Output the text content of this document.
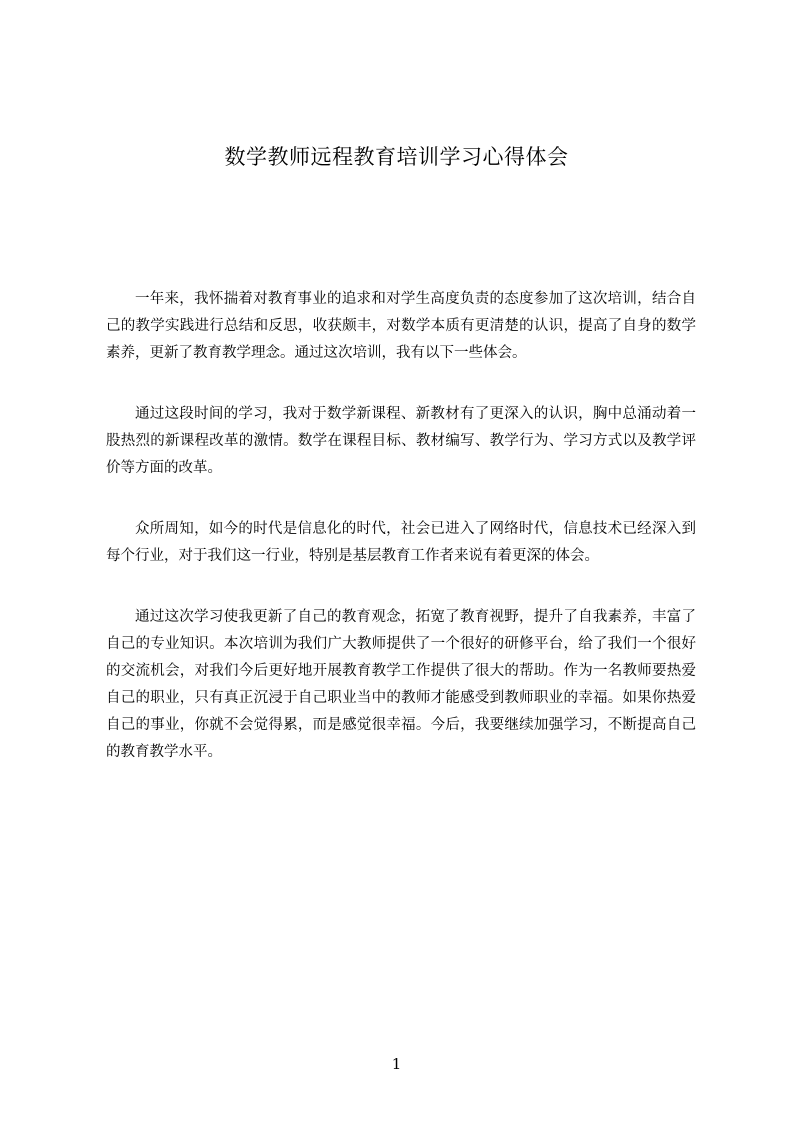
数学教师远程教育培训学习心得体会

一年来，我怀揣着对教育事业的追求和对学生高度负责的态度参加了这次培训，结合自己的教学实践进行总结和反思，收获颇丰，对数学本质有更清楚的认识，提高了自身的数学素养，更新了教育教学理念。通过这次培训，我有以下一些体会。

通过这段时间的学习，我对于数学新课程、新教材有了更深入的认识，胸中总涌动着一股热烈的新课程改革的激情。数学在课程目标、教材编写、教学行为、学习方式以及教学评价等方面的改革。

众所周知，如今的时代是信息化的时代，社会已进入了网络时代，信息技术已经深入到每个行业，对于我们这一行业，特别是基层教育工作者来说有着更深的体会。

通过这次学习使我更新了自己的教育观念，拓宽了教育视野，提升了自我素养，丰富了自己的专业知识。本次培训为我们广大教师提供了一个很好的研修平台，给了我们一个很好的交流机会，对我们今后更好地开展教育教学工作提供了很大的帮助。作为一名教师要热爱自己的职业，只有真正沉浸于自己职业当中的教师才能感受到教师职业的幸福。如果你热爱自己的事业，你就不会觉得累，而是感觉很幸福。今后，我要继续加强学习，不断提高自己的教育教学水平。

1
